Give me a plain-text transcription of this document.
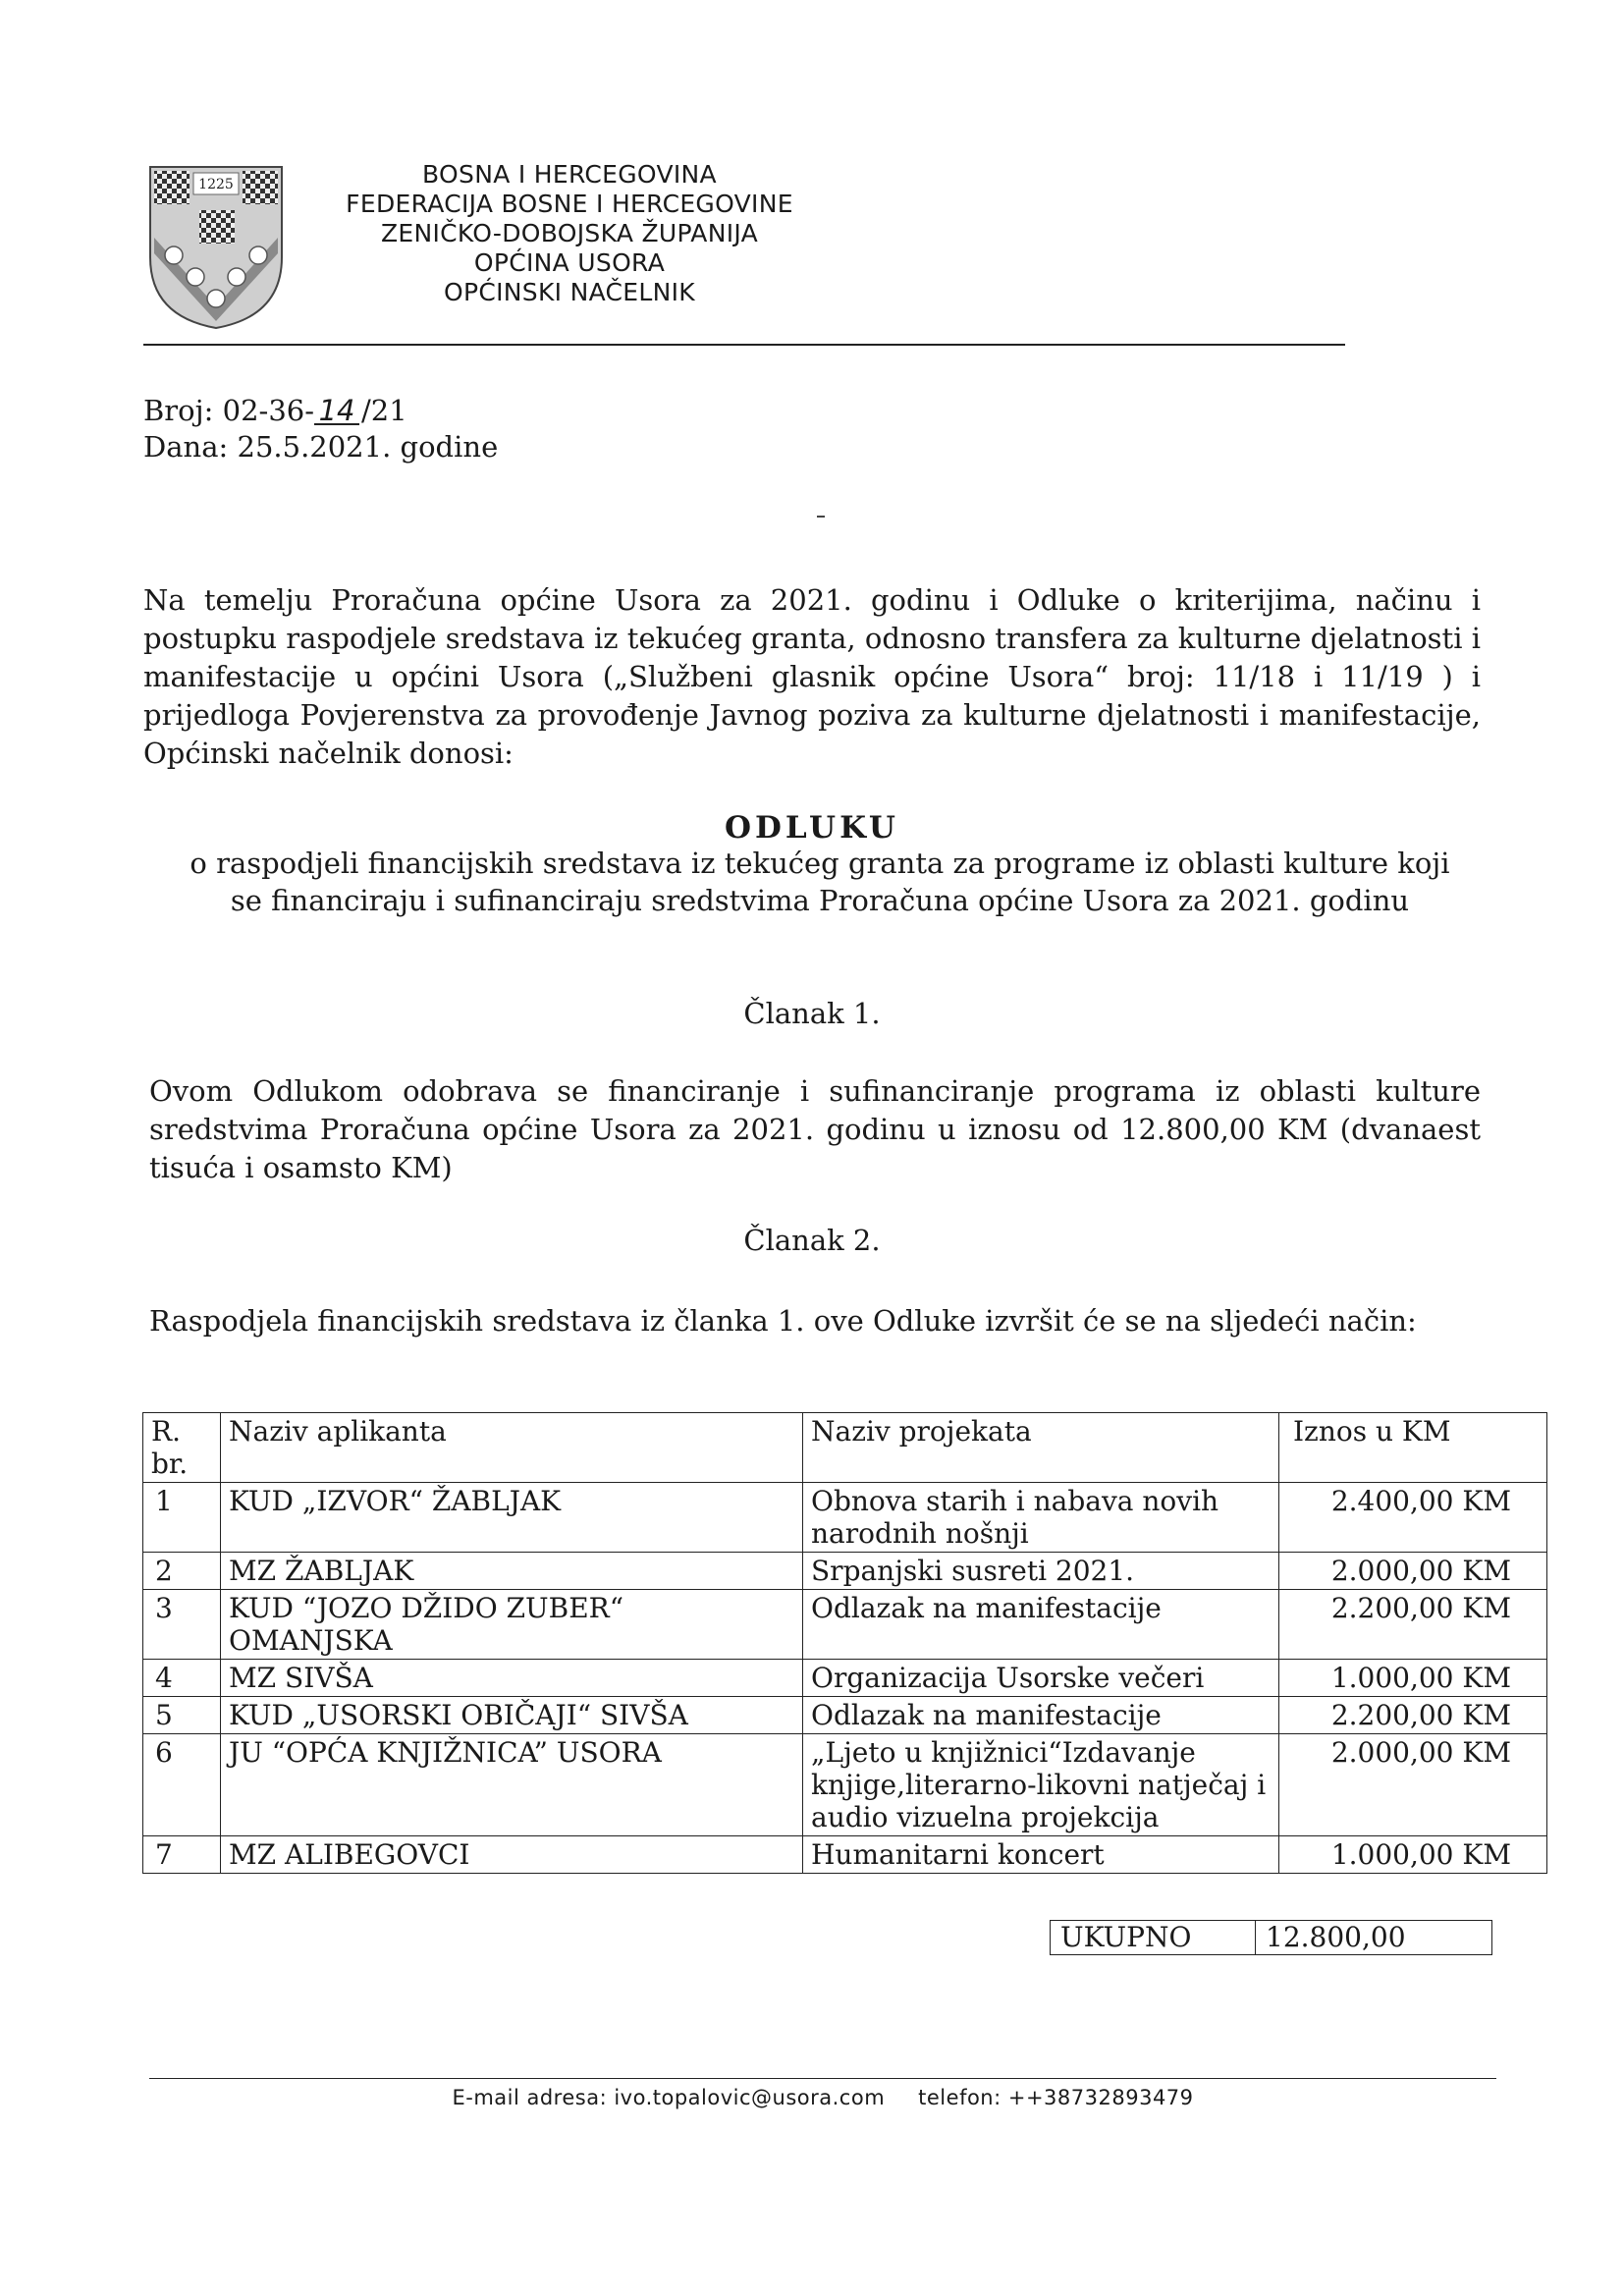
1225	BOSNA I HERCEGOVINA
FEDERACIJA BOSNE I HERCEGOVINE
ZENIČKO-DOBOJSKA ŽUPANIJA
OPĆINA USORA
OPĆINSKI NAČELNIK
Broj: 02-36- 14 /21
Dana: 25.5.2021. godine
Na temelju Proračuna općine Usora za 2021. godinu i Odluke o kriterijima, načinu i postupku raspodjele sredstava iz tekućeg granta, odnosno transfera za kulturne djelatnosti i manifestacije u općini Usora („Službeni glasnik općine Usora“ broj: 11/18 i 11/19 ) i prijedloga Povjerenstva za provođenje Javnog poziva za kulturne djelatnosti i manifestacije, Općinski načelnik donosi:
ODLUKU
o raspodjeli financijskih sredstava iz tekućeg granta za programe iz oblasti kulture koji se financiraju i sufinanciraju sredstvima Proračuna općine Usora za 2021. godinu
Članak 1.
Ovom Odlukom odobrava se financiranje i sufinanciranje programa iz oblasti kulture sredstvima Proračuna općine Usora za 2021. godinu u iznosu od 12.800,00 KM (dvanaest tisuća i osamsto KM)
Članak 2.
Raspodjela financijskih sredstava iz članka 1. ove Odluke izvršit će se na sljedeći način:
R. br.	Naziv aplikanta	Naziv projekata	Iznos u KM
1	KUD „IZVOR“ ŽABLJAK	Obnova starih i nabava novih narodnih nošnji	2.400,00 KM
2	MZ ŽABLJAK	Srpanjski susreti 2021.	2.000,00 KM
3	KUD “JOZO DŽIDO ZUBER“ OMANJSKA	Odlazak na manifestacije	2.200,00 KM
4	MZ SIVŠA	Organizacija Usorske večeri	1.000,00 KM
5	KUD „USORSKI OBIČAJI“ SIVŠA	Odlazak na manifestacije	2.200,00 KM
6	JU “OPĆA KNJIŽNICA” USORA	„Ljeto u knjižnici“Izdavanje knjige,literarno-likovni natječaj i audio vizuelna projekcija	2.000,00 KM
7	MZ ALIBEGOVCI	Humanitarni koncert	1.000,00 KM
UKUPNO	12.800,00
E-mail adresa: ivo.topalovic@usora.com telefon: ++38732893479
